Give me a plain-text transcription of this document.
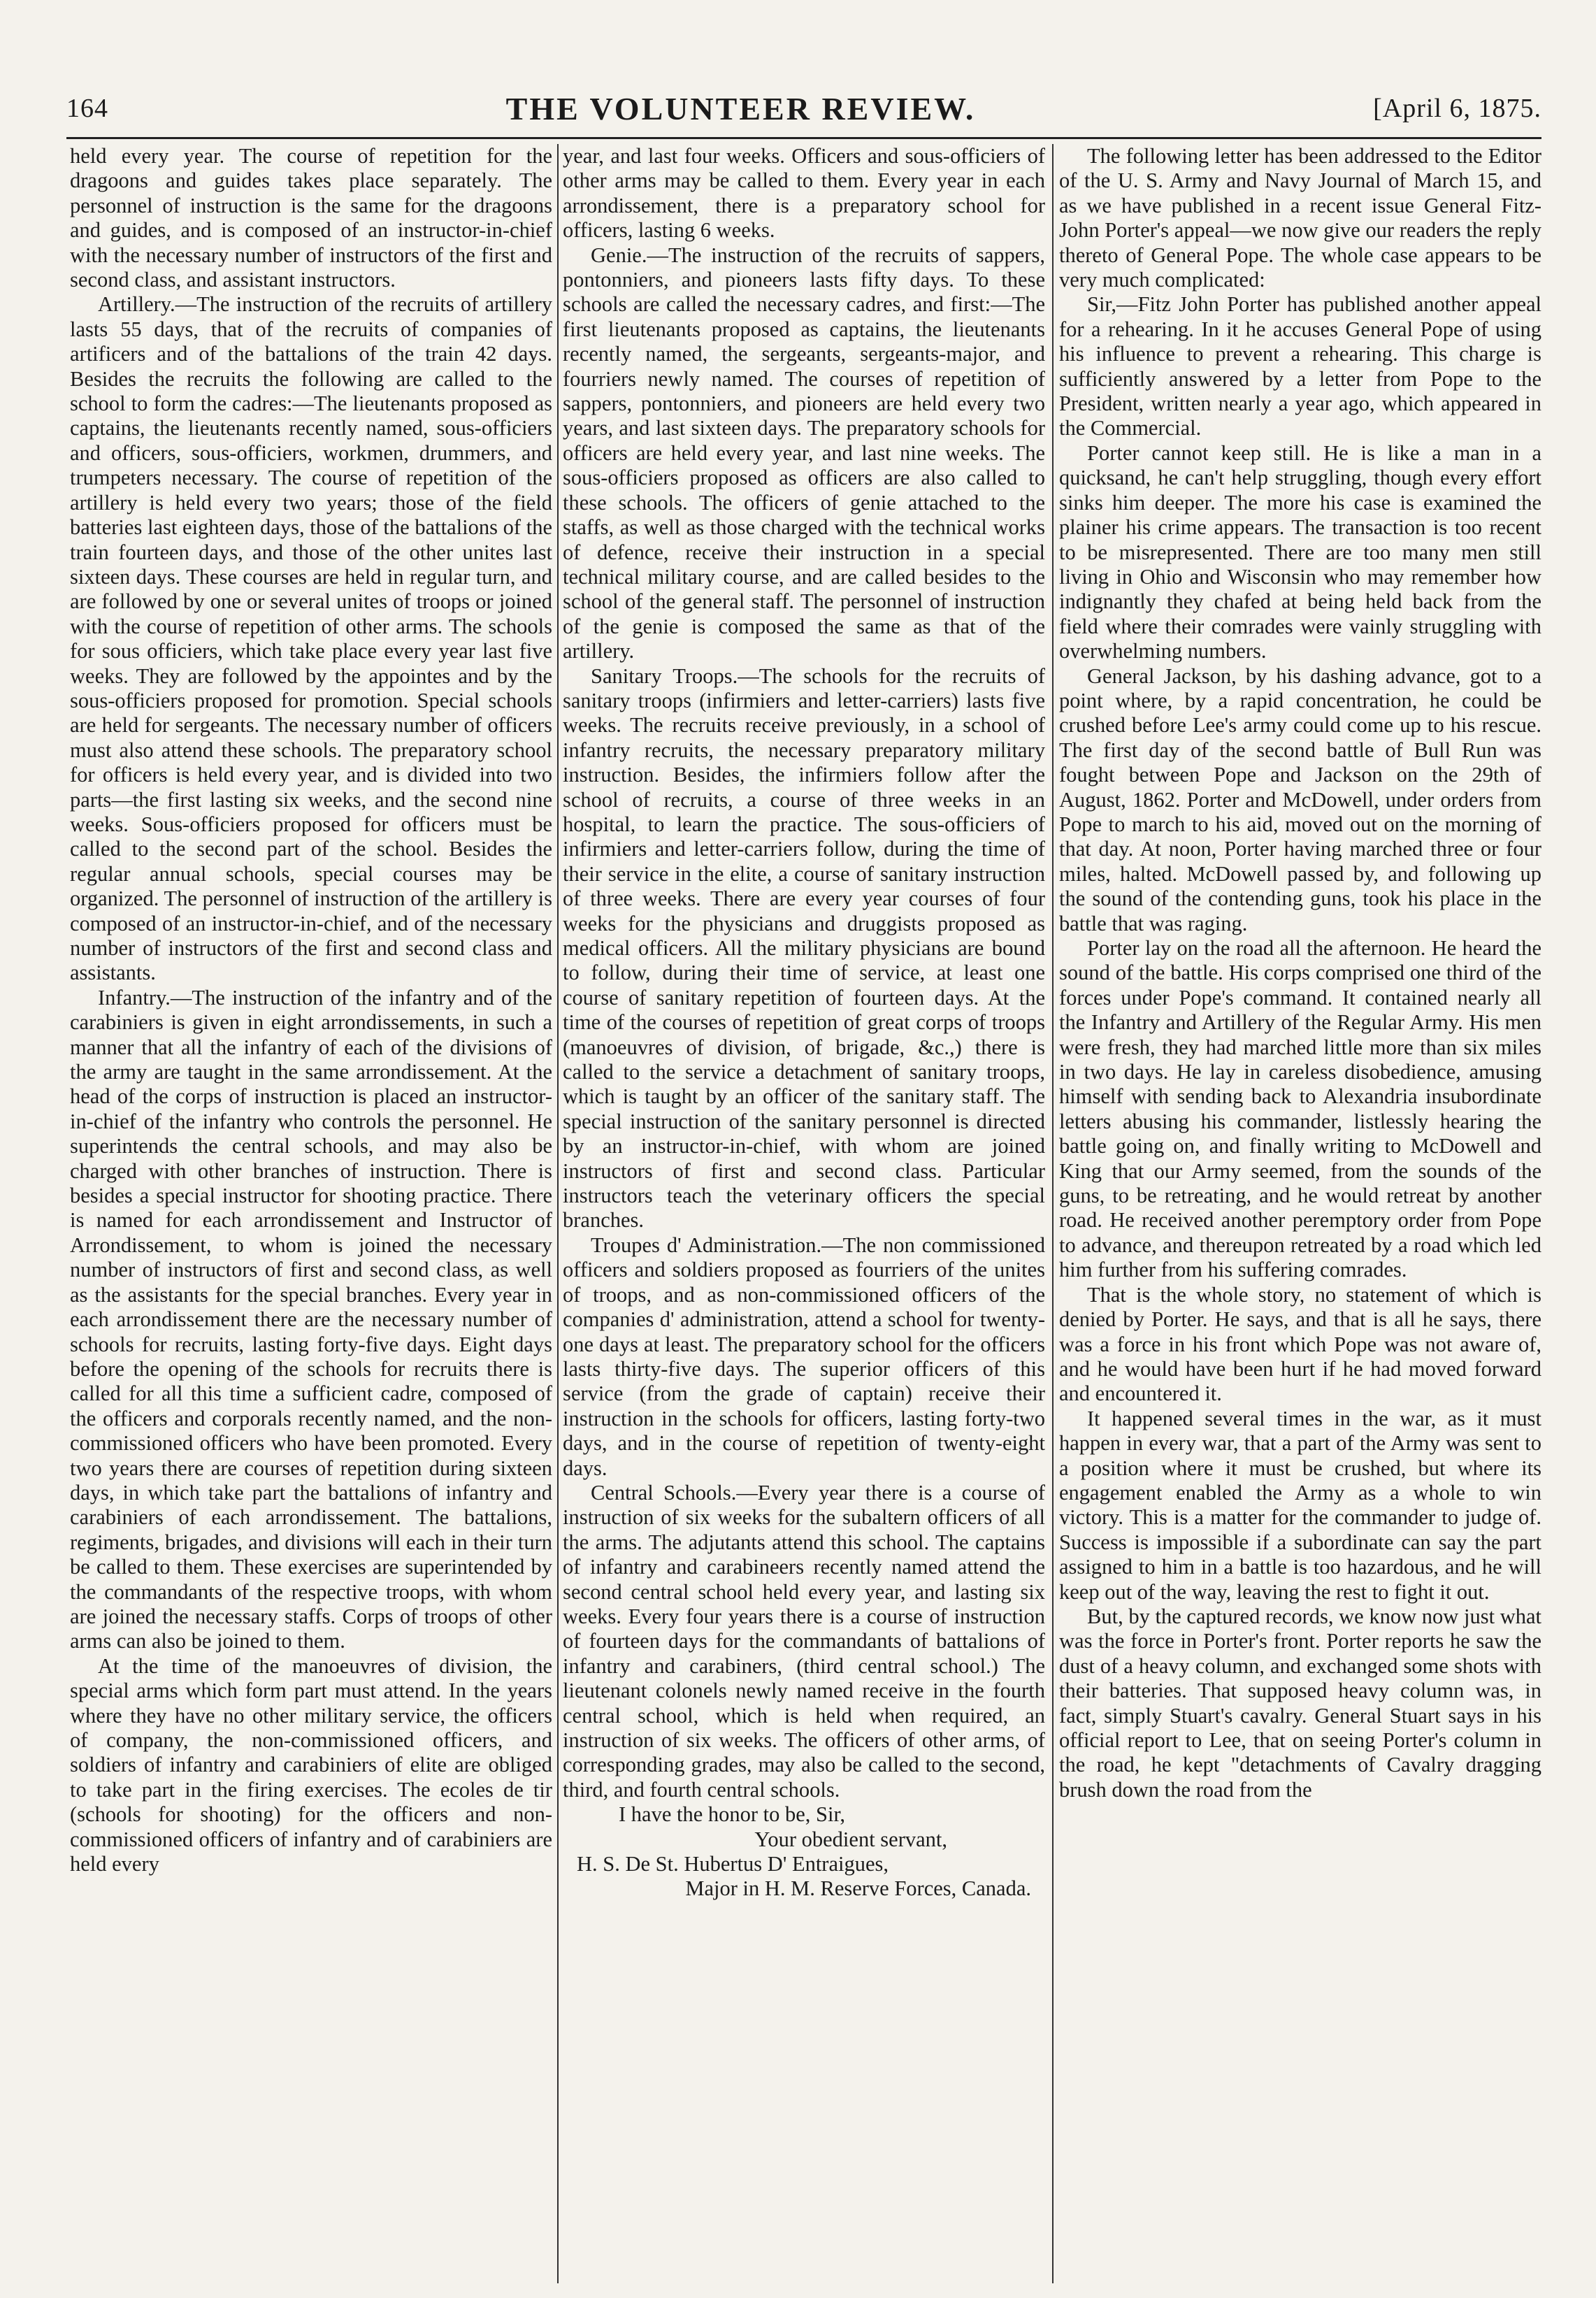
164	THE VOLUNTEER REVIEW.	[April 6, 1875.

held every year. The course of repetition for the dragoons and guides takes place separately. The personnel of instruction is the same for the dragoons and guides, and is composed of an instructor-in-chief with the necessary number of instructors of the first and second class, and assistant instructors.

Artillery.—The instruction of the recruits of artillery lasts 55 days, that of the recruits of companies of artificers and of the battalions of the train 42 days. Besides the recruits the following are called to the school to form the cadres:—The lieutenants proposed as captains, the lieutenants recently named, sous-officiers and officers, sous-officiers, workmen, drummers, and trumpeters necessary. The course of repetition of the artillery is held every two years; those of the field batteries last eighteen days, those of the battalions of the train fourteen days, and those of the other unites last sixteen days. These courses are held in regular turn, and are followed by one or several unites of troops or joined with the course of repetition of other arms. The schools for sous officiers, which take place every year last five weeks. They are followed by the appointes and by the sous-officiers proposed for promotion. Special schools are held for sergeants. The necessary number of officers must also attend these schools. The preparatory school for officers is held every year, and is divided into two parts—the first lasting six weeks, and the second nine weeks. Sous-officiers proposed for officers must be called to the second part of the school. Besides the regular annual schools, special courses may be organized. The personnel of instruction of the artillery is composed of an instructor-in-chief, and of the necessary number of instructors of the first and second class and assistants.

Infantry.—The instruction of the infantry and of the carabiniers is given in eight arrondissements, in such a manner that all the infantry of each of the divisions of the army are taught in the same arrondissement. At the head of the corps of instruction is placed an instructor-in-chief of the infantry who controls the personnel. He superintends the central schools, and may also be charged with other branches of instruction. There is besides a special instructor for shooting practice. There is named for each arrondissement and Instructor of Arrondissement, to whom is joined the necessary number of instructors of first and second class, as well as the assistants for the special branches. Every year in each arrondissement there are the necessary number of schools for recruits, lasting forty-five days. Eight days before the opening of the schools for recruits there is called for all this time a sufficient cadre, composed of the officers and corporals recently named, and the non-commissioned officers who have been promoted. Every two years there are courses of repetition during sixteen days, in which take part the battalions of infantry and carabiniers of each arrondissement. The battalions, regiments, brigades, and divisions will each in their turn be called to them. These exercises are superintended by the commandants of the respective troops, with whom are joined the necessary staffs. Corps of troops of other arms can also be joined to them.

At the time of the manoeuvres of division, the special arms which form part must attend. In the years where they have no other military service, the officers of company, the non-commissioned officers, and soldiers of infantry and carabiniers of elite are obliged to take part in the firing exercises. The ecoles de tir (schools for shooting) for the officers and non-commissioned officers of infantry and of carabiniers are held every

year, and last four weeks. Officers and sous-officiers of other arms may be called to them. Every year in each arrondissement, there is a preparatory school for officers, lasting 6 weeks.

Genie.—The instruction of the recruits of sappers, pontonniers, and pioneers lasts fifty days. To these schools are called the necessary cadres, and first:—The first lieutenants proposed as captains, the lieutenants recently named, the sergeants, sergeants-major, and fourriers newly named. The courses of repetition of sappers, pontonniers, and pioneers are held every two years, and last sixteen days. The preparatory schools for officers are held every year, and last nine weeks. The sous-officiers proposed as officers are also called to these schools. The officers of genie attached to the staffs, as well as those charged with the technical works of defence, receive their instruction in a special technical military course, and are called besides to the school of the general staff. The personnel of instruction of the genie is composed the same as that of the artillery.

Sanitary Troops.—The schools for the recruits of sanitary troops (infirmiers and letter-carriers) lasts five weeks. The recruits receive previously, in a school of infantry recruits, the necessary preparatory military instruction. Besides, the infirmiers follow after the school of recruits, a course of three weeks in an hospital, to learn the practice. The sous-officiers of infirmiers and letter-carriers follow, during the time of their service in the elite, a course of sanitary instruction of three weeks. There are every year courses of four weeks for the physicians and druggists proposed as medical officers. All the military physicians are bound to follow, during their time of service, at least one course of sanitary repetition of fourteen days. At the time of the courses of repetition of great corps of troops (manoeuvres of division, of brigade, &c.,) there is called to the service a detachment of sanitary troops, which is taught by an officer of the sanitary staff. The special instruction of the sanitary personnel is directed by an instructor-in-chief, with whom are joined instructors of first and second class. Particular instructors teach the veterinary officers the special branches.

Troupes d' Administration.—The non commissioned officers and soldiers proposed as fourriers of the unites of troops, and as non-commissioned officers of the companies d' administration, attend a school for twenty-one days at least. The preparatory school for the officers lasts thirty-five days. The superior officers of this service (from the grade of captain) receive their instruction in the schools for officers, lasting forty-two days, and in the course of repetition of twenty-eight days.

Central Schools.—Every year there is a course of instruction of six weeks for the subaltern officers of all the arms. The adjutants attend this school. The captains of infantry and carabineers recently named attend the second central school held every year, and lasting six weeks. Every four years there is a course of instruction of fourteen days for the commandants of battalions of infantry and carabiners, (third central school.) The lieutenant colonels newly named receive in the fourth central school, which is held when required, an instruction of six weeks. The officers of other arms, of corresponding grades, may also be called to the second, third, and fourth central schools.

I have the honor to be, Sir,

Your obedient servant,

H. S. De St. Hubertus D' Entraigues,

Major in H. M. Reserve Forces, Canada.

The following letter has been addressed to the Editor of the U. S. Army and Navy Journal of March 15, and as we have published in a recent issue General Fitz-John Porter's appeal—we now give our readers the reply thereto of General Pope. The whole case appears to be very much complicated:

Sir,—Fitz John Porter has published another appeal for a rehearing. In it he accuses General Pope of using his influence to prevent a rehearing. This charge is sufficiently answered by a letter from Pope to the President, written nearly a year ago, which appeared in the Commercial.

Porter cannot keep still. He is like a man in a quicksand, he can't help struggling, though every effort sinks him deeper. The more his case is examined the plainer his crime appears. The transaction is too recent to be misrepresented. There are too many men still living in Ohio and Wisconsin who may remember how indignantly they chafed at being held back from the field where their comrades were vainly struggling with overwhelming numbers.

General Jackson, by his dashing advance, got to a point where, by a rapid concentration, he could be crushed before Lee's army could come up to his rescue. The first day of the second battle of Bull Run was fought between Pope and Jackson on the 29th of August, 1862. Porter and McDowell, under orders from Pope to march to his aid, moved out on the morning of that day. At noon, Porter having marched three or four miles, halted. McDowell passed by, and following up the sound of the contending guns, took his place in the battle that was raging.

Porter lay on the road all the afternoon. He heard the sound of the battle. His corps comprised one third of the forces under Pope's command. It contained nearly all the Infantry and Artillery of the Regular Army. His men were fresh, they had marched little more than six miles in two days. He lay in careless disobedience, amusing himself with sending back to Alexandria insubordinate letters abusing his commander, listlessly hearing the battle going on, and finally writing to McDowell and King that our Army seemed, from the sounds of the guns, to be retreating, and he would retreat by another road. He received another peremptory order from Pope to advance, and thereupon retreated by a road which led him further from his suffering comrades.

That is the whole story, no statement of which is denied by Porter. He says, and that is all he says, there was a force in his front which Pope was not aware of, and he would have been hurt if he had moved forward and encountered it.

It happened several times in the war, as it must happen in every war, that a part of the Army was sent to a position where it must be crushed, but where its engagement enabled the Army as a whole to win victory. This is a matter for the commander to judge of. Success is impossible if a subordinate can say the part assigned to him in a battle is too hazardous, and he will keep out of the way, leaving the rest to fight it out.

But, by the captured records, we know now just what was the force in Porter's front. Porter reports he saw the dust of a heavy column, and exchanged some shots with their batteries. That supposed heavy column was, in fact, simply Stuart's cavalry. General Stuart says in his official report to Lee, that on seeing Porter's column in the road, he kept "detachments of Cavalry dragging brush down the road from the
